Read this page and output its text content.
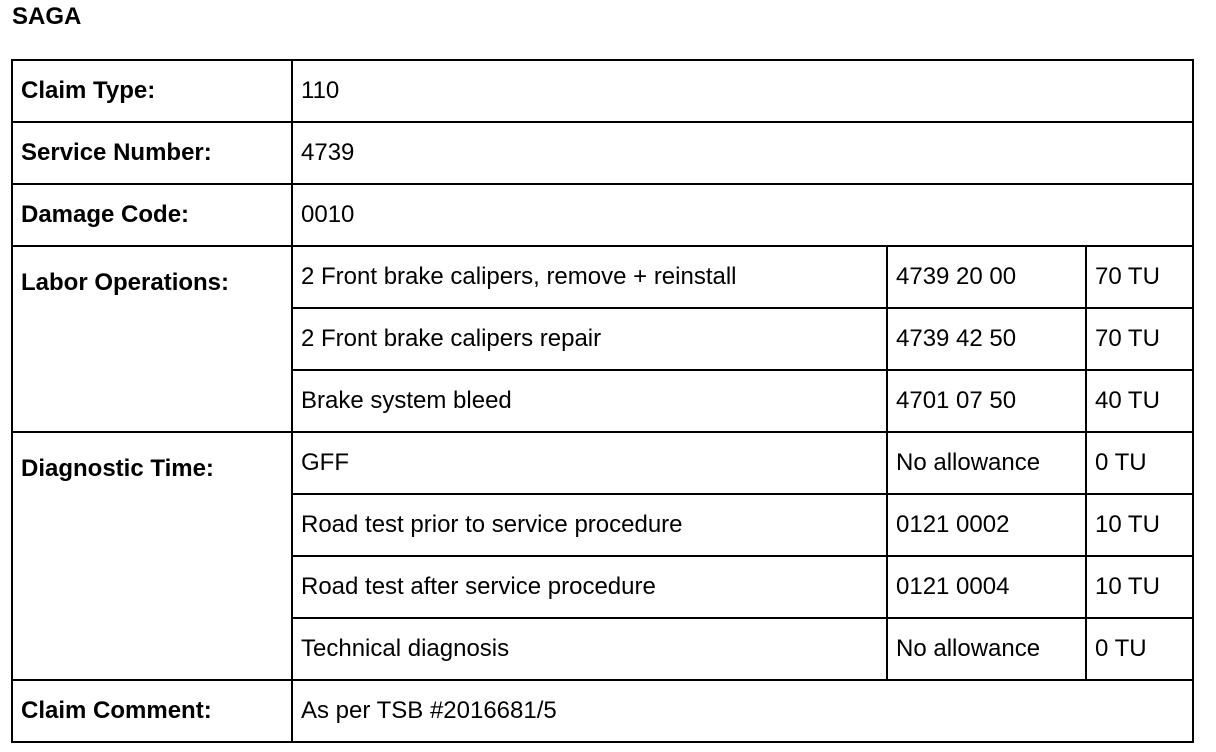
SAGA
Claim Type:	110		
Service Number:	4739		
Damage Code:	0010		
Labor Operations:	2 Front brake calipers, remove + reinstall	4739 20 00	70 TU
	2 Front brake calipers repair	4739 42 50	70 TU
	Brake system bleed	4701 07 50	40 TU
Diagnostic Time:	GFF	No allowance	0 TU
	Road test prior to service procedure	0121 0002	10 TU
	Road test after service procedure	0121 0004	10 TU
	Technical diagnosis	No allowance	0 TU
Claim Comment:	As per TSB #2016681/5		
